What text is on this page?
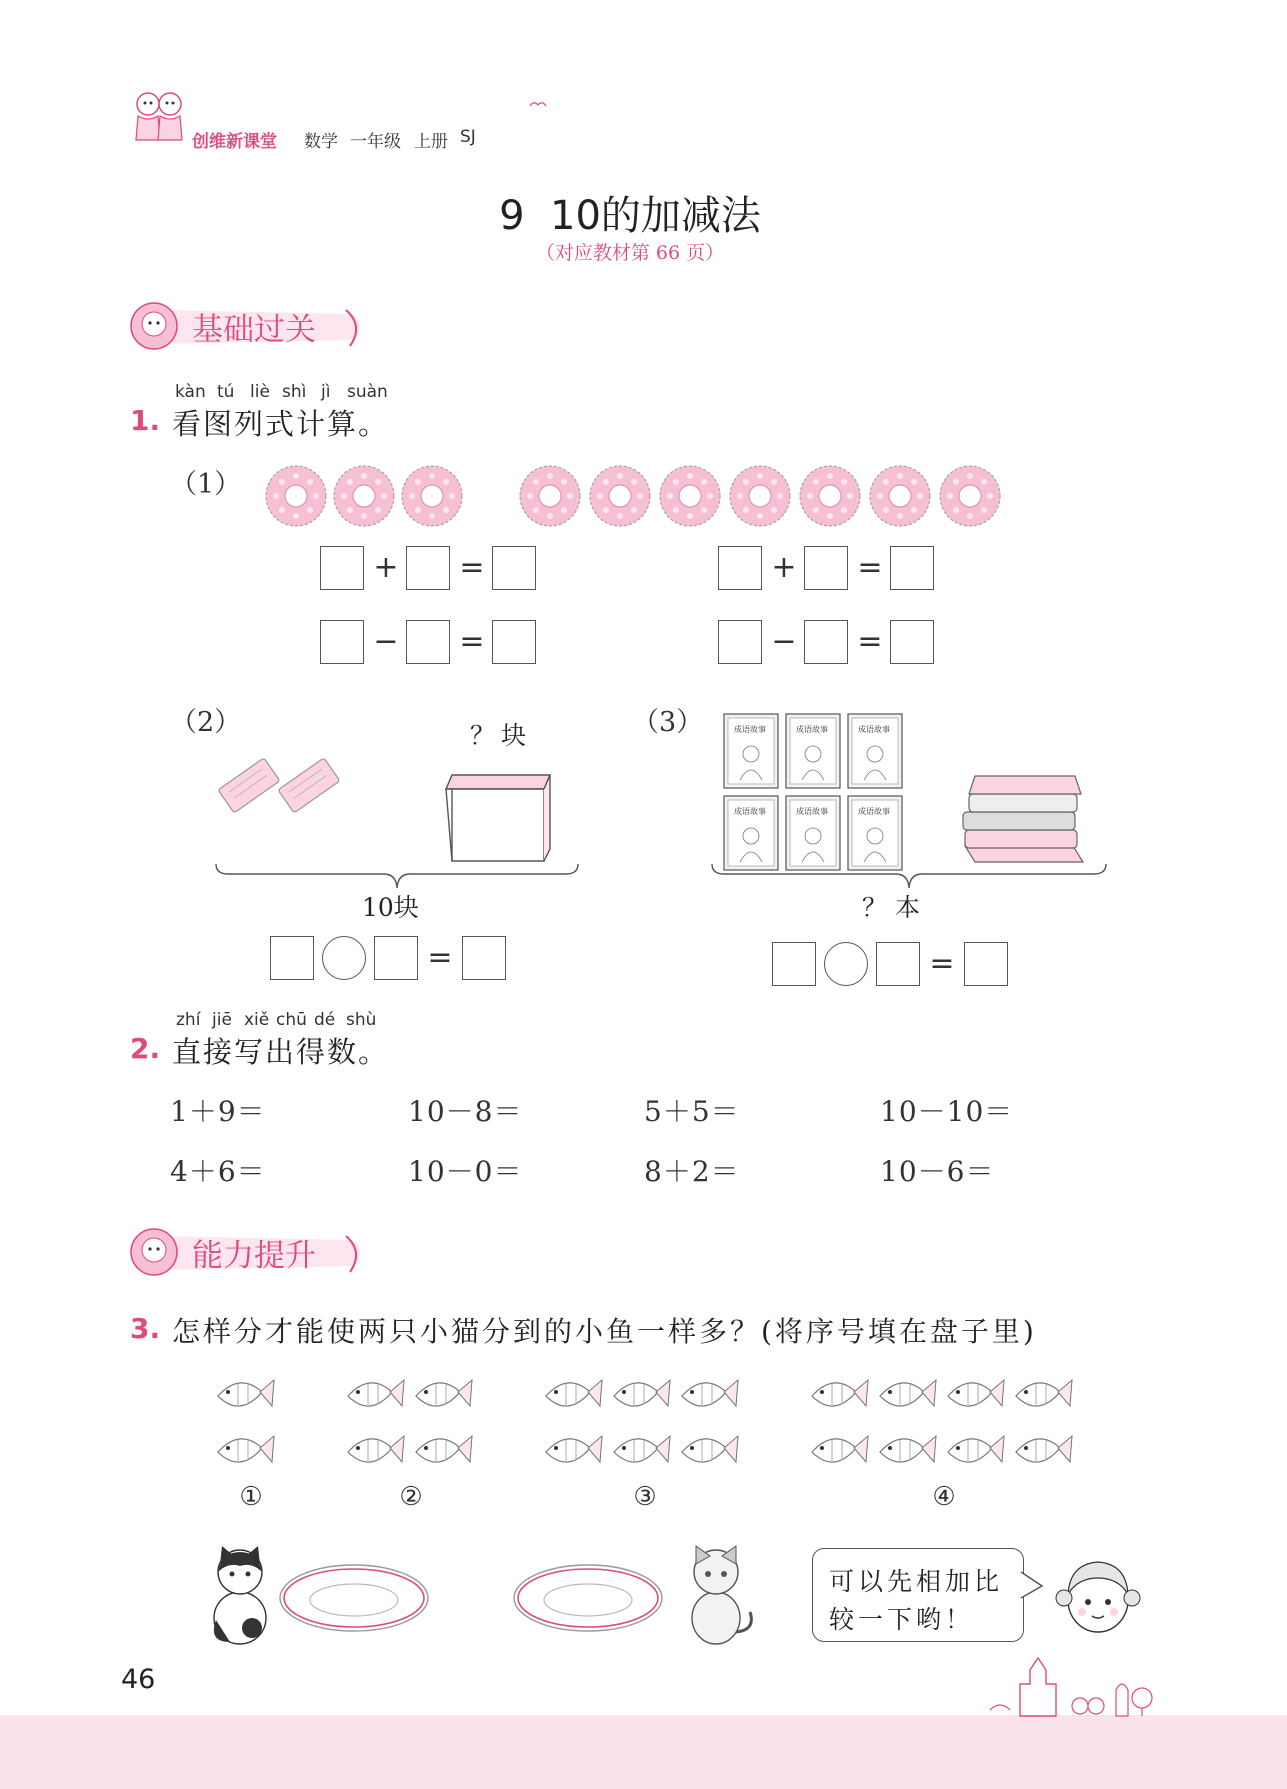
创维新课堂 数学 一年级 上册 SJ
9  10的加减法
（对应教材第 66 页）
基础过关
kàn tú liè shì jì suàn
1. 看图列式计算。
（1）
+ =
− =
+ =
− =
（2）	？块
10块
=
（3）	成语故事	成语故事	成语故事
成语故事	成语故事	成语故事
？本
=
zhí jiē xiě chū dé shù
2. 直接写出得数。
1＋9＝	10－8＝	5＋5＝	10－10＝
4＋6＝	10－0＝	8＋2＝	10－6＝
能力提升
3. 怎样分才能使两只小猫分到的小鱼一样多？(将序号填在盘子里)
①	②	③	④
可以先相加比
较一下哟！
46
